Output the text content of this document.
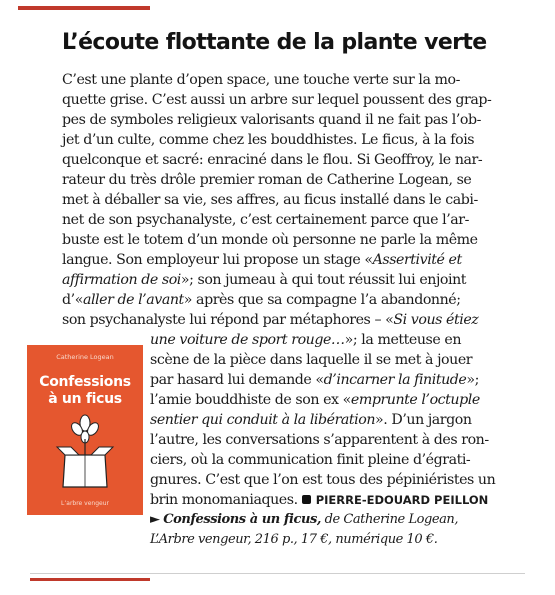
L’écoute flottante de la plante verte

C’est une plante d’open space, une touche verte sur la mo-

quette grise. C’est aussi un arbre sur lequel poussent des grap-

pes de symboles religieux valorisants quand il ne fait pas l’ob-

jet d’un culte, comme chez les bouddhistes. Le ficus, à la fois

quelconque et sacré: enraciné dans le flou. Si Geoffroy, le nar-

rateur du très drôle premier roman de Catherine Logean, se

met à déballer sa vie, ses affres, au ficus installé dans le cabi-

net de son psychanalyste, c’est certainement parce que l’ar-

buste est le totem d’un monde où personne ne parle la même

langue. Son employeur lui propose un stage «Assertivité et

affirmation de soi»; son jumeau à qui tout réussit lui enjoint

d’«aller de l’avant» après que sa compagne l’a abandonné;

son psychanalyste lui répond par métaphores – «Si vous étiez

une voiture de sport rouge…»; la metteuse en

scène de la pièce dans laquelle il se met à jouer

par hasard lui demande «d’incarner la finitude»;

l’amie bouddhiste de son ex «emprunte l’octuple

sentier qui conduit à la libération». D’un jargon

l’autre, les conversations s’apparentent à des ron-

ciers, où la communication finit pleine d’égrati-

gnures. C’est que l’on est tous des pépiniéristes un

brin monomaniaques. PIERRE-EDOUARD PEILLON

► Confessions à un ficus, de Catherine Logean,

L’Arbre vengeur, 216 p., 17 €, numérique 10 €.

Catherine Logean
Confessions
à un ficus
L’arbre vengeur
